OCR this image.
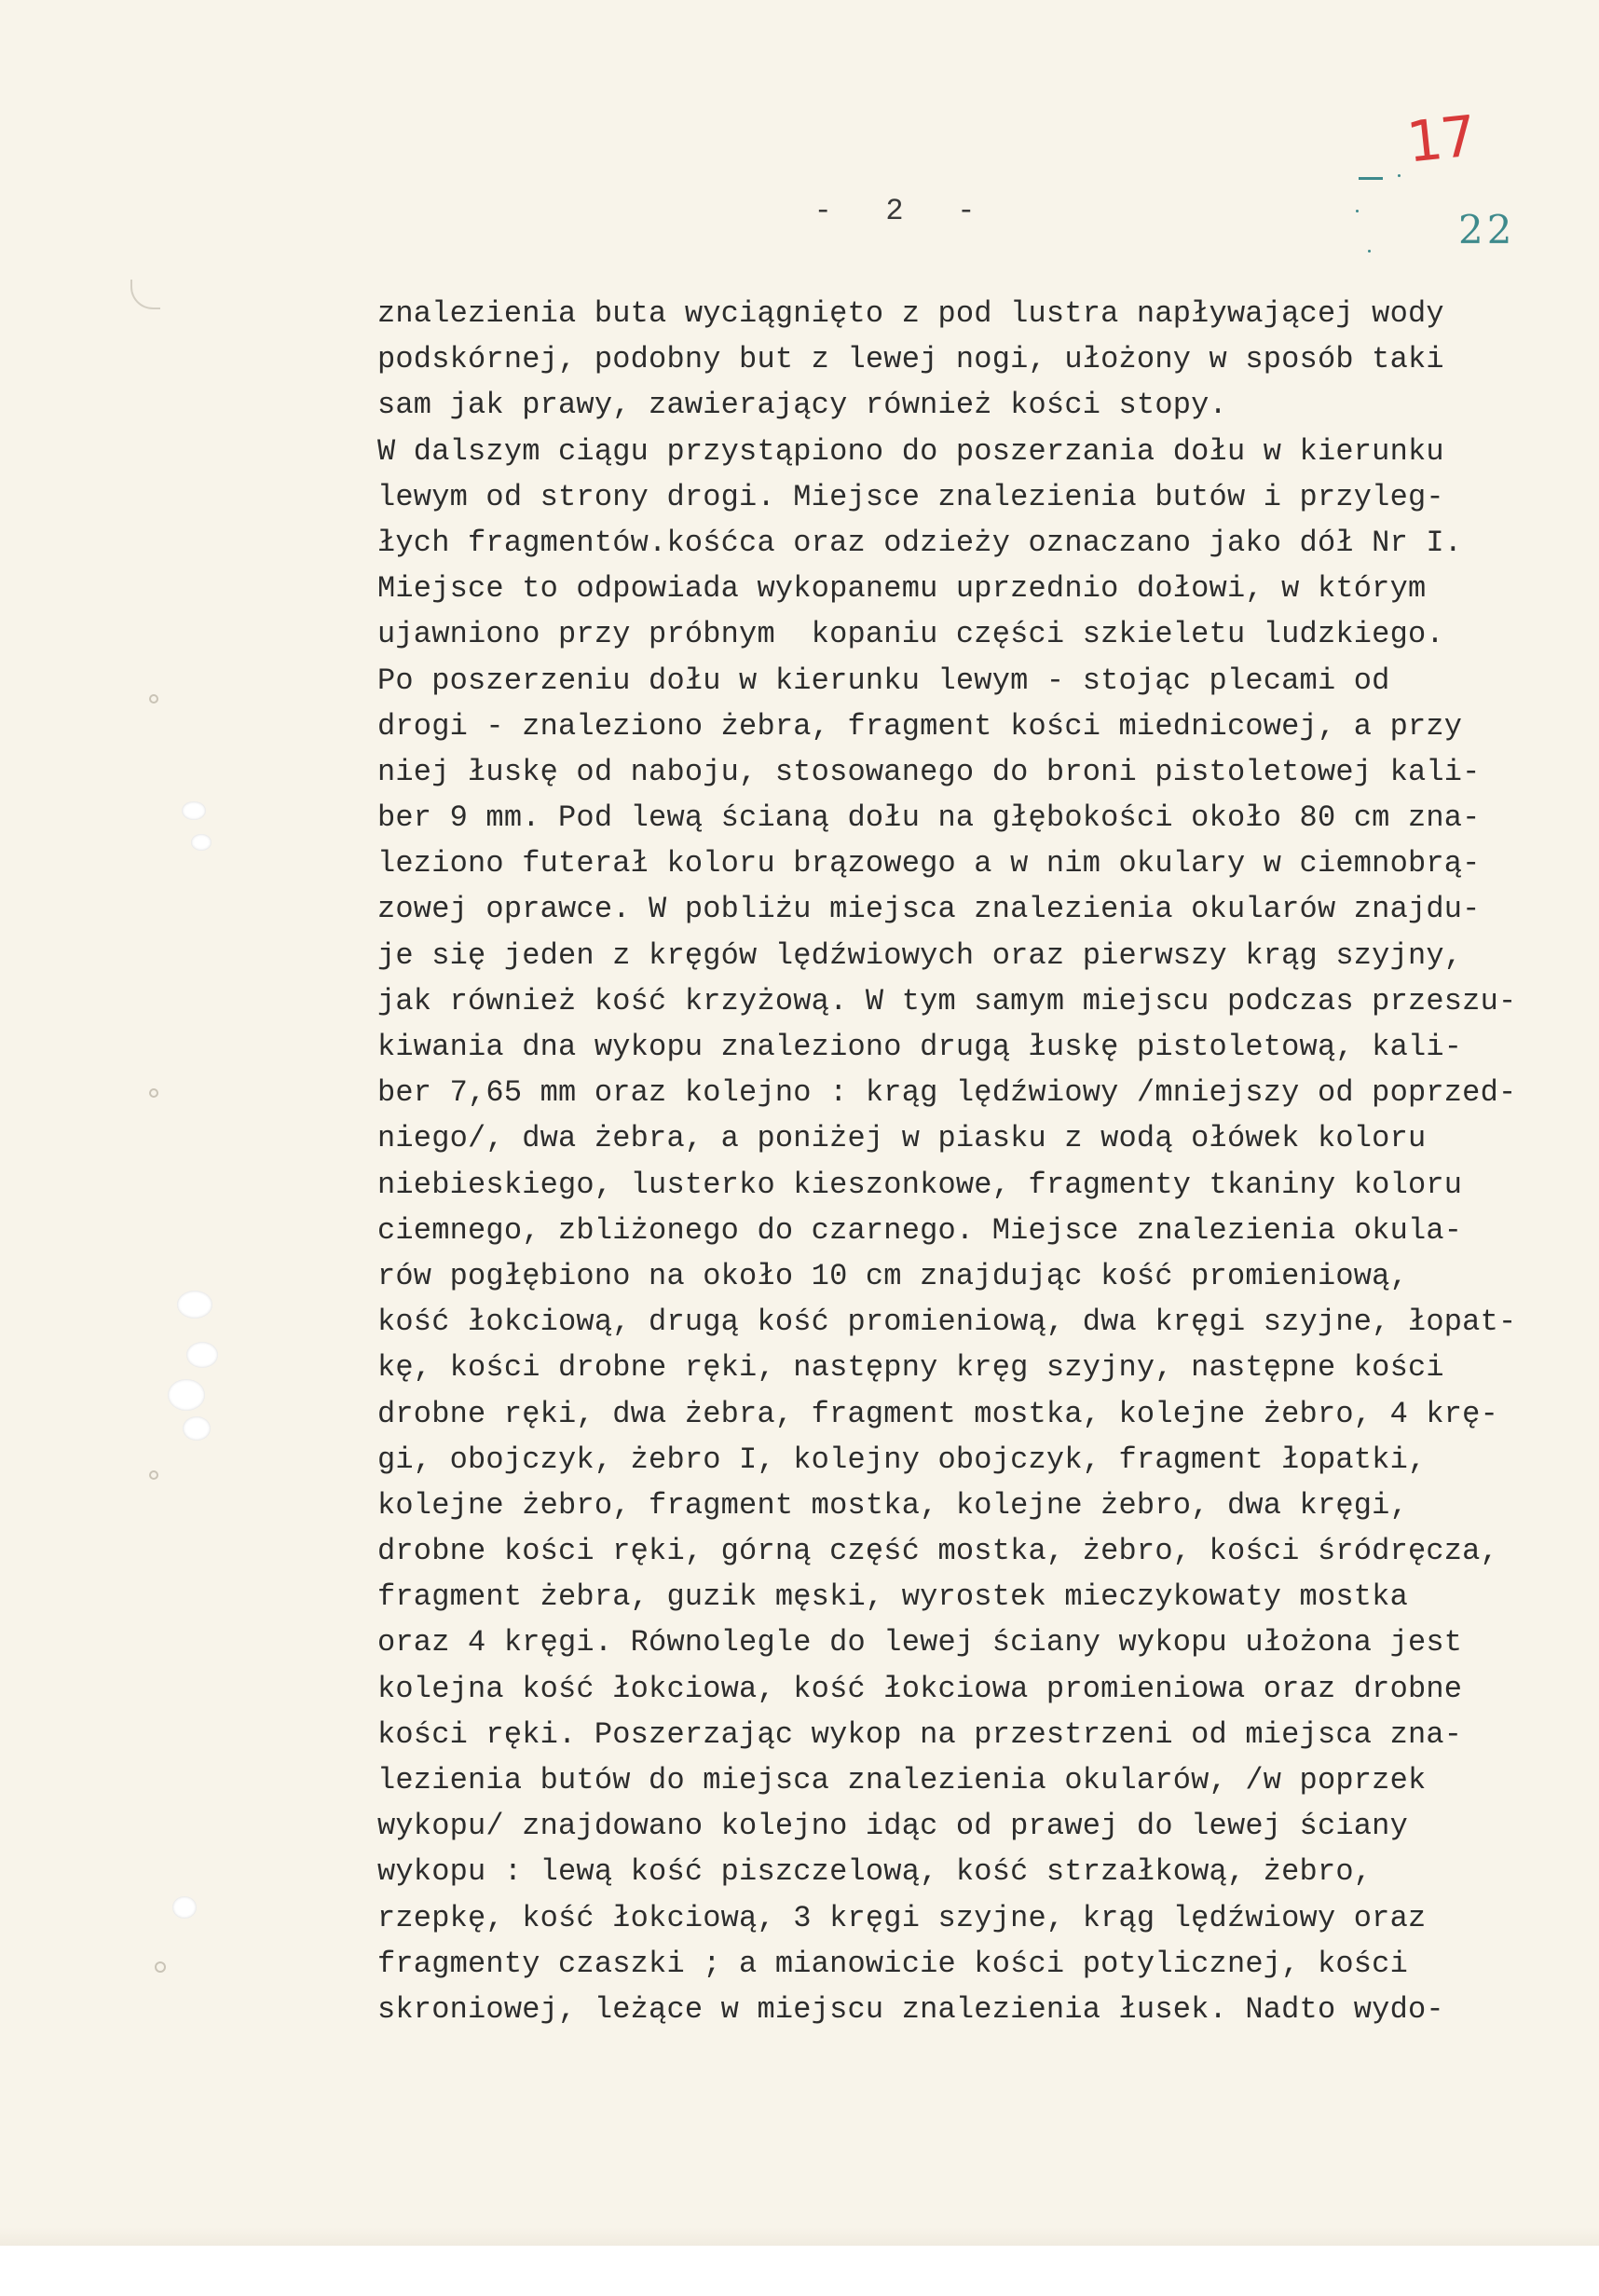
-   2   -
17
22
znalezienia buta wyciągnięto z pod lustra napływającej wody
podskórnej, podobny but z lewej nogi, ułożony w sposób taki
sam jak prawy, zawierający również kości stopy.
W dalszym ciągu przystąpiono do poszerzania dołu w kierunku
lewym od strony drogi. Miejsce znalezienia butów i przyleg-
łych fragmentów.kośćca oraz odzieży oznaczano jako dół Nr I.
Miejsce to odpowiada wykopanemu uprzednio dołowi, w którym
ujawniono przy próbnym  kopaniu części szkieletu ludzkiego.
Po poszerzeniu dołu w kierunku lewym - stojąc plecami od
drogi - znaleziono żebra, fragment kości miednicowej, a przy
niej łuskę od naboju, stosowanego do broni pistoletowej kali-
ber 9 mm. Pod lewą ścianą dołu na głębokości około 80 cm zna-
leziono futerał koloru brązowego a w nim okulary w ciemnobrą-
zowej oprawce. W pobliżu miejsca znalezienia okularów znajdu-
je się jeden z kręgów lędźwiowych oraz pierwszy krąg szyjny,
jak również kość krzyżową. W tym samym miejscu podczas przeszu-
kiwania dna wykopu znaleziono drugą łuskę pistoletową, kali-
ber 7,65 mm oraz kolejno : krąg lędźwiowy /mniejszy od poprzed-
niego/, dwa żebra, a poniżej w piasku z wodą ołówek koloru
niebieskiego, lusterko kieszonkowe, fragmenty tkaniny koloru
ciemnego, zbliżonego do czarnego. Miejsce znalezienia okula-
rów pogłębiono na około 10 cm znajdując kość promieniową,
kość łokciową, drugą kość promieniową, dwa kręgi szyjne, łopat-
kę, kości drobne ręki, następny kręg szyjny, następne kości
drobne ręki, dwa żebra, fragment mostka, kolejne żebro, 4 krę-
gi, obojczyk, żebro I, kolejny obojczyk, fragment łopatki,
kolejne żebro, fragment mostka, kolejne żebro, dwa kręgi,
drobne kości ręki, górną część mostka, żebro, kości śródręcza,
fragment żebra, guzik męski, wyrostek mieczykowaty mostka
oraz 4 kręgi. Równolegle do lewej ściany wykopu ułożona jest
kolejna kość łokciowa, kość łokciowa promieniowa oraz drobne
kości ręki. Poszerzając wykop na przestrzeni od miejsca zna-
lezienia butów do miejsca znalezienia okularów, /w poprzek
wykopu/ znajdowano kolejno idąc od prawej do lewej ściany
wykopu : lewą kość piszczelową, kość strzałkową, żebro,
rzepkę, kość łokciową, 3 kręgi szyjne, krąg lędźwiowy oraz
fragmenty czaszki ; a mianowicie kości potylicznej, kości
skroniowej, leżące w miejscu znalezienia łusek. Nadto wydo-
